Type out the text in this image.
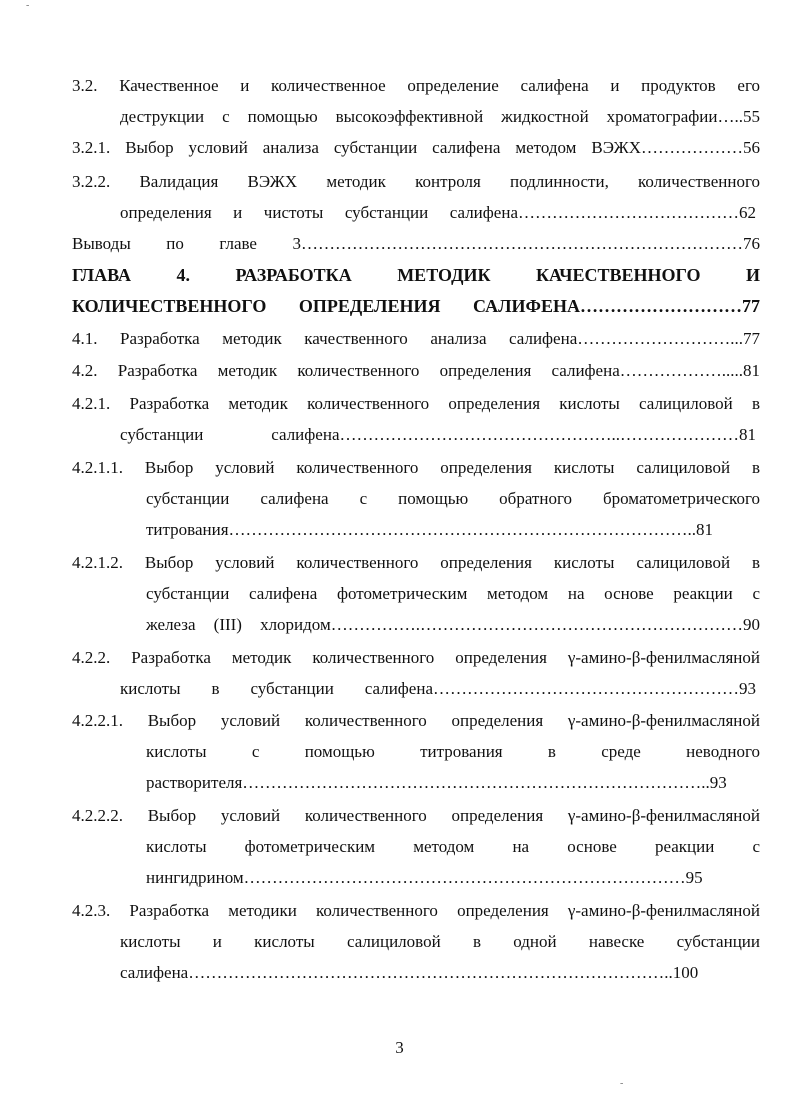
-
3.2. Качественное и количественное определение салифена и продуктов его
деструкции с помощью высокоэффективной жидкостной хроматографии…..55
3.2.1. Выбор условий анализа субстанции салифена методом ВЭЖХ………………56
3.2.2. Валидация ВЭЖХ методик контроля подлинности, количественного
определения и чистоты субстанции салифена…………………………………62
Выводы по главе 3……………………………………………………………………76
ГЛАВА 4. РАЗРАБОТКА МЕТОДИК КАЧЕСТВЕННОГО И
КОЛИЧЕСТВЕННОГО ОПРЕДЕЛЕНИЯ САЛИФЕНА………………………77
4.1. Разработка методик качественного анализа салифена………………………...77
4.2. Разработка методик количественного определения салифена……………….....81
4.2.1. Разработка методик количественного определения кислоты салициловой в
субстанции салифена…………………………………………..…………………81
4.2.1.1. Выбор условий количественного определения кислоты салициловой в
субстанции салифена с помощью обратного броматометрического
титрования………………………………………………………………………..81
4.2.1.2. Выбор условий количественного определения кислоты салициловой в
субстанции салифена фотометрическим методом на основе реакции с
железа (III) хлоридом…………….…………………………………………………90
4.2.2. Разработка методик количественного определения γ-амино-β-фенилмасляной
кислоты в субстанции салифена………………………………………………93
4.2.2.1. Выбор условий количественного определения γ-амино-β-фенилмасляной
кислоты с помощью титрования в среде неводного
растворителя………………………………………………………………………..93
4.2.2.2. Выбор условий количественного определения γ-амино-β-фенилмасляной
кислоты фотометрическим методом на основе реакции с
нингидрином……………………………………………………………………95
4.2.3. Разработка методики количественного определения γ-амино-β-фенилмасляной
кислоты и кислоты салициловой в одной навеске субстанции
салифена…………………………………………………………………………..100
3
-
